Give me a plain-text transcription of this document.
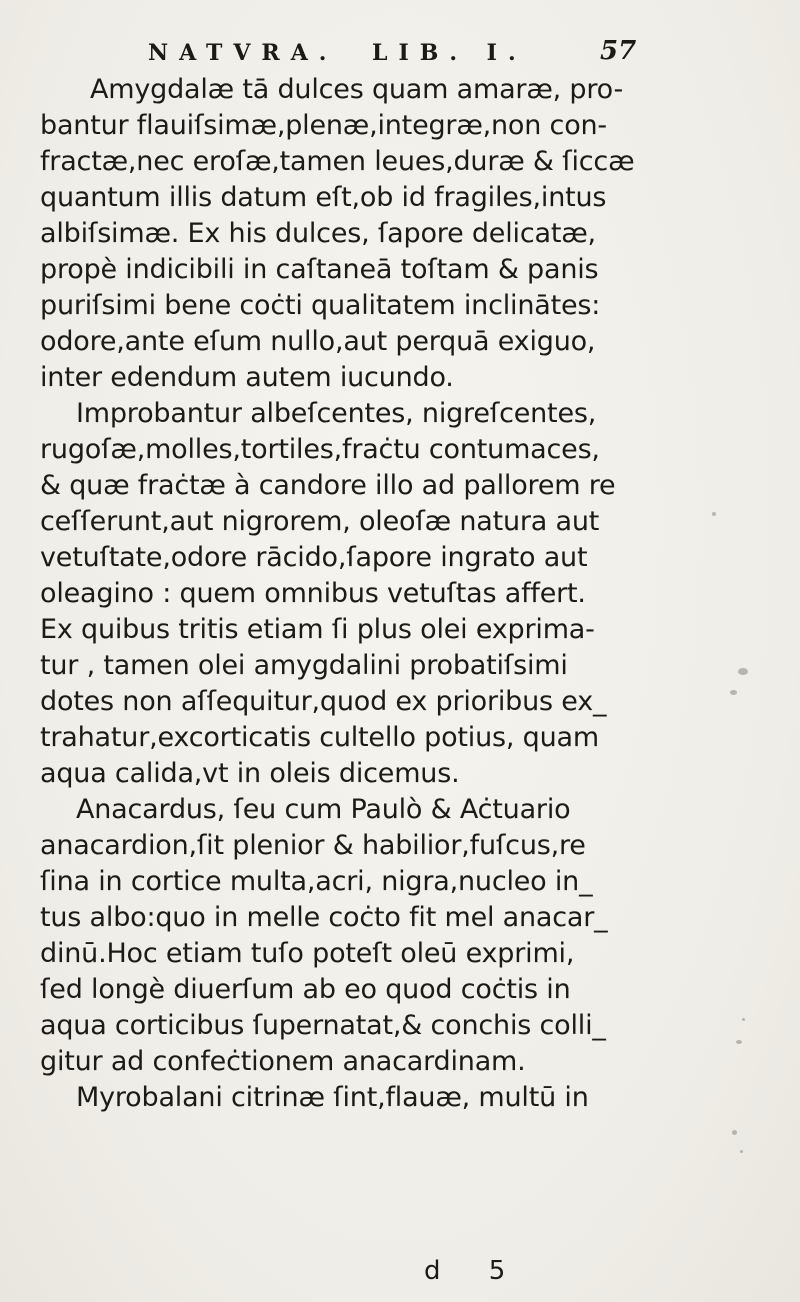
NATVRA. LIB. I.	57
Amygdalæ tā dulces quam amaræ, pro-
bantur flauiſsimæ,plenæ,integræ,non con-
fractæ,nec eroſæ,tamen leues,duræ & ſiccæ
quantum illis datum eſt,ob id fragiles,intus
albiſsimæ. Ex his dulces, ſapore delicatæ,
propè indicibili in caſtaneā toſtam & panis
puriſsimi bene coċti qualitatem inclinātes:
odore,ante eſum nullo,aut perquā exiguo,
inter edendum autem iucundo.
Improbantur albeſcentes, nigreſcentes,
rugoſæ,molles,tortiles,fraċtu contumaces,
& quæ fraċtæ à candore illo ad pallorem re
ceſſerunt,aut nigrorem, oleoſæ natura aut
vetuſtate,odore rācido,ſapore ingrato aut
oleagino : quem omnibus vetuſtas affert.
Ex quibus tritis etiam ſi plus olei exprima-
tur , tamen olei amygdalini probatiſsimi
dotes non aſſequitur,quod ex prioribus ex_
trahatur,excorticatis cultello potius, quam
aqua calida,vt in oleis dicemus.
Anacardus, ſeu cum Paulò & Aċtuario
anacardion,ſit plenior & habilior,fuſcus,re
ſina in cortice multa,acri, nigra,nucleo in_
tus albo:quo in melle coċto fit mel anacar_
dinū.Hoc etiam tuſo poteſt oleū exprimi,
ſed longè diuerſum ab eo quod coċtis in
aqua corticibus ſupernatat,& conchis colli_
gitur ad confeċtionem anacardinam.
Myrobalani citrinæ ſint,flauæ, multū in
d 5
